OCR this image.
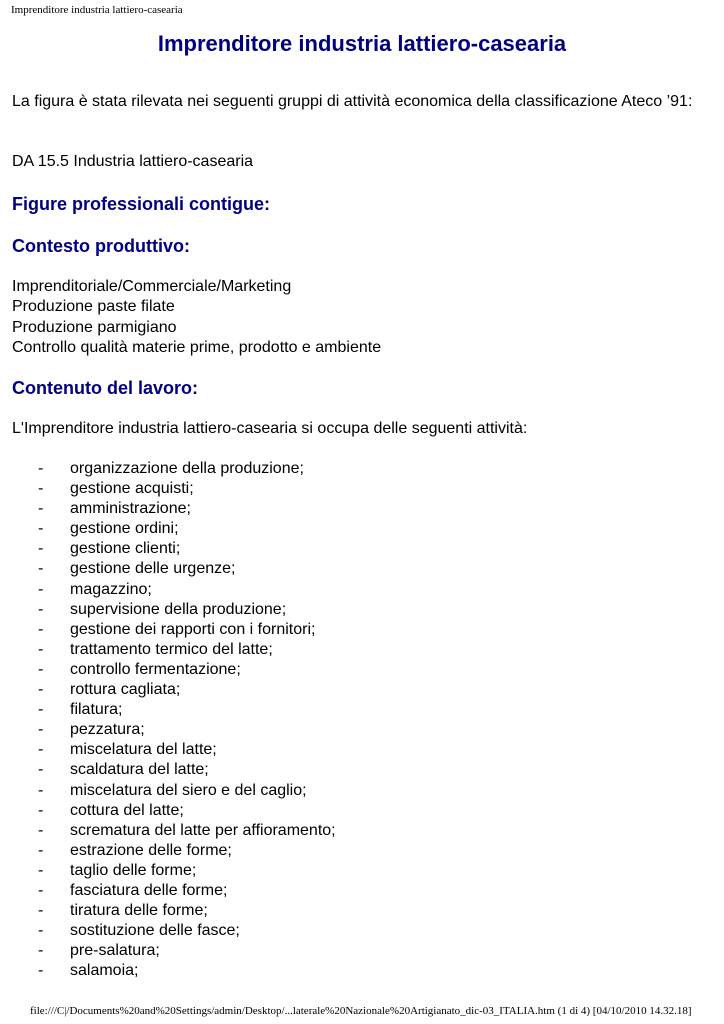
Imprenditore industria lattiero-casearia
Imprenditore industria lattiero-casearia

La figura è stata rilevata nei seguenti gruppi di attività economica della classificazione Ateco ’91:

DA 15.5 Industria lattiero-casearia

Figure professionali contigue:
Contesto produttivo:
Imprenditoriale/Commerciale/Marketing
Produzione paste filate
Produzione parmigiano
Controllo qualità materie prime, prodotto e ambiente
Contenuto del lavoro:

L'Imprenditore industria lattiero-casearia si occupa delle seguenti attività:

- organizzazione della produzione;
- gestione acquisti;
- amministrazione;
- gestione ordini;
- gestione clienti;
- gestione delle urgenze;
- magazzino;
- supervisione della produzione;
- gestione dei rapporti con i fornitori;
- trattamento termico del latte;
- controllo fermentazione;
- rottura cagliata;
- filatura;
- pezzatura;
- miscelatura del latte;
- scaldatura del latte;
- miscelatura del siero e del caglio;
- cottura del latte;
- scrematura del latte per affioramento;
- estrazione delle forme;
- taglio delle forme;
- fasciatura delle forme;
- tiratura delle forme;
- sostituzione delle fasce;
- pre-salatura;
- salamoia;
file:///C|/Documents%20and%20Settings/admin/Desktop/...laterale%20Nazionale%20Artigianato_dic-03_ITALIA.htm (1 di 4) [04/10/2010 14.32.18]
